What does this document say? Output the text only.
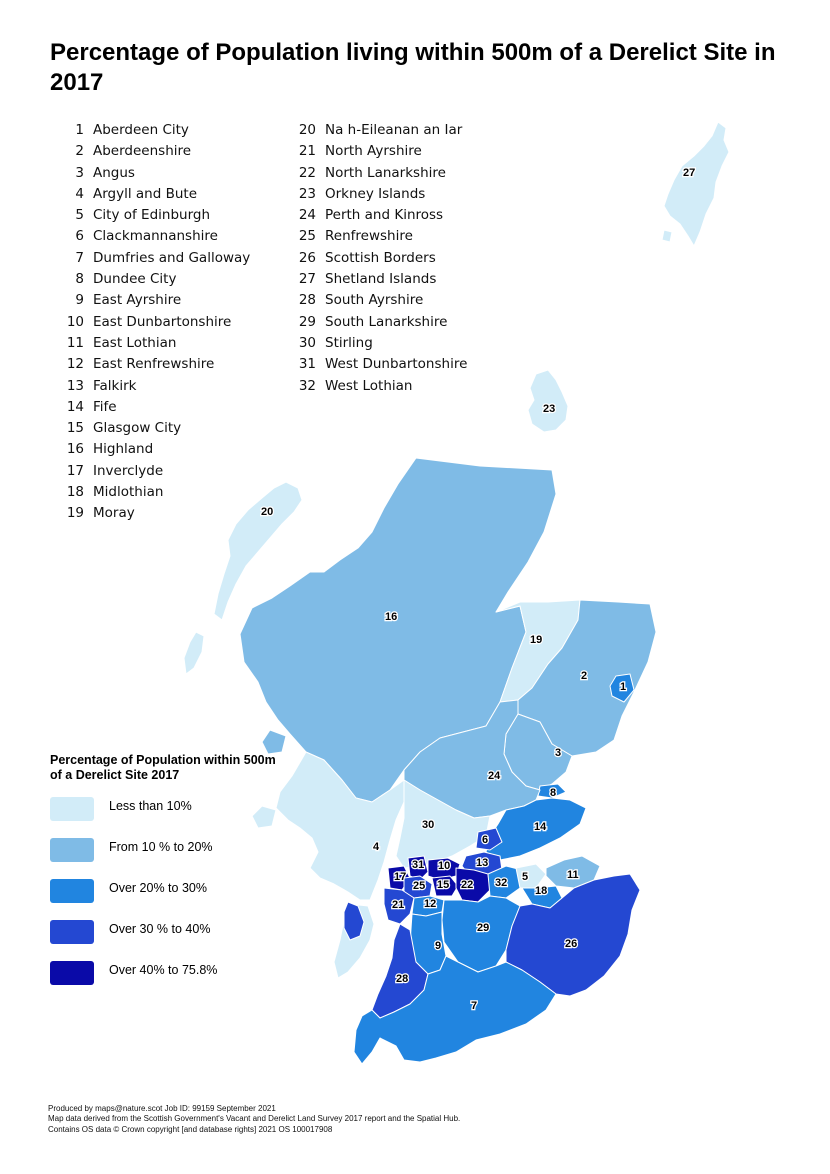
Percentage of Population living within 500m of a Derelict Site in 2017
1 Aberdeen City
2 Aberdeenshire
3 Angus
4 Argyll and Bute
5 City of Edinburgh
6 Clackmannanshire
7 Dumfries and Galloway
8 Dundee City
9 East Ayrshire
10 East Dunbartonshire
11 East Lothian
12 East Renfrewshire
13 Falkirk
14 Fife
15 Glasgow City
16 Highland
17 Inverclyde
18 Midlothian
19 Moray
20 Na h-Eileanan an Iar
21 North Ayrshire
22 North Lanarkshire
23 Orkney Islands
24 Perth and Kinross
25 Renfrewshire
26 Scottish Borders
27 Shetland Islands
28 South Ayrshire
29 South Lanarkshire
30 Stirling
31 West Dunbartonshire
32 West Lothian
27
23
20
16
19
2
1
3
24
8
14
30
6
4
13
31 10
5	11
17
25 15 22 32
18
21 12
29
9	26
28
7
Percentage of Population within 500m of a Derelict Site 2017
Less than 10%
From 10 % to 20%
Over 20% to 30%
Over 30 % to 40%
Over 40% to 75.8%
Produced by maps@nature.scot Job ID: 99159 September 2021
Map data derived from the Scottish Government's Vacant and Derelict Land Survey 2017 report and the Spatial Hub.
Contains OS data © Crown copyright [and database rights] 2021 OS 100017908
